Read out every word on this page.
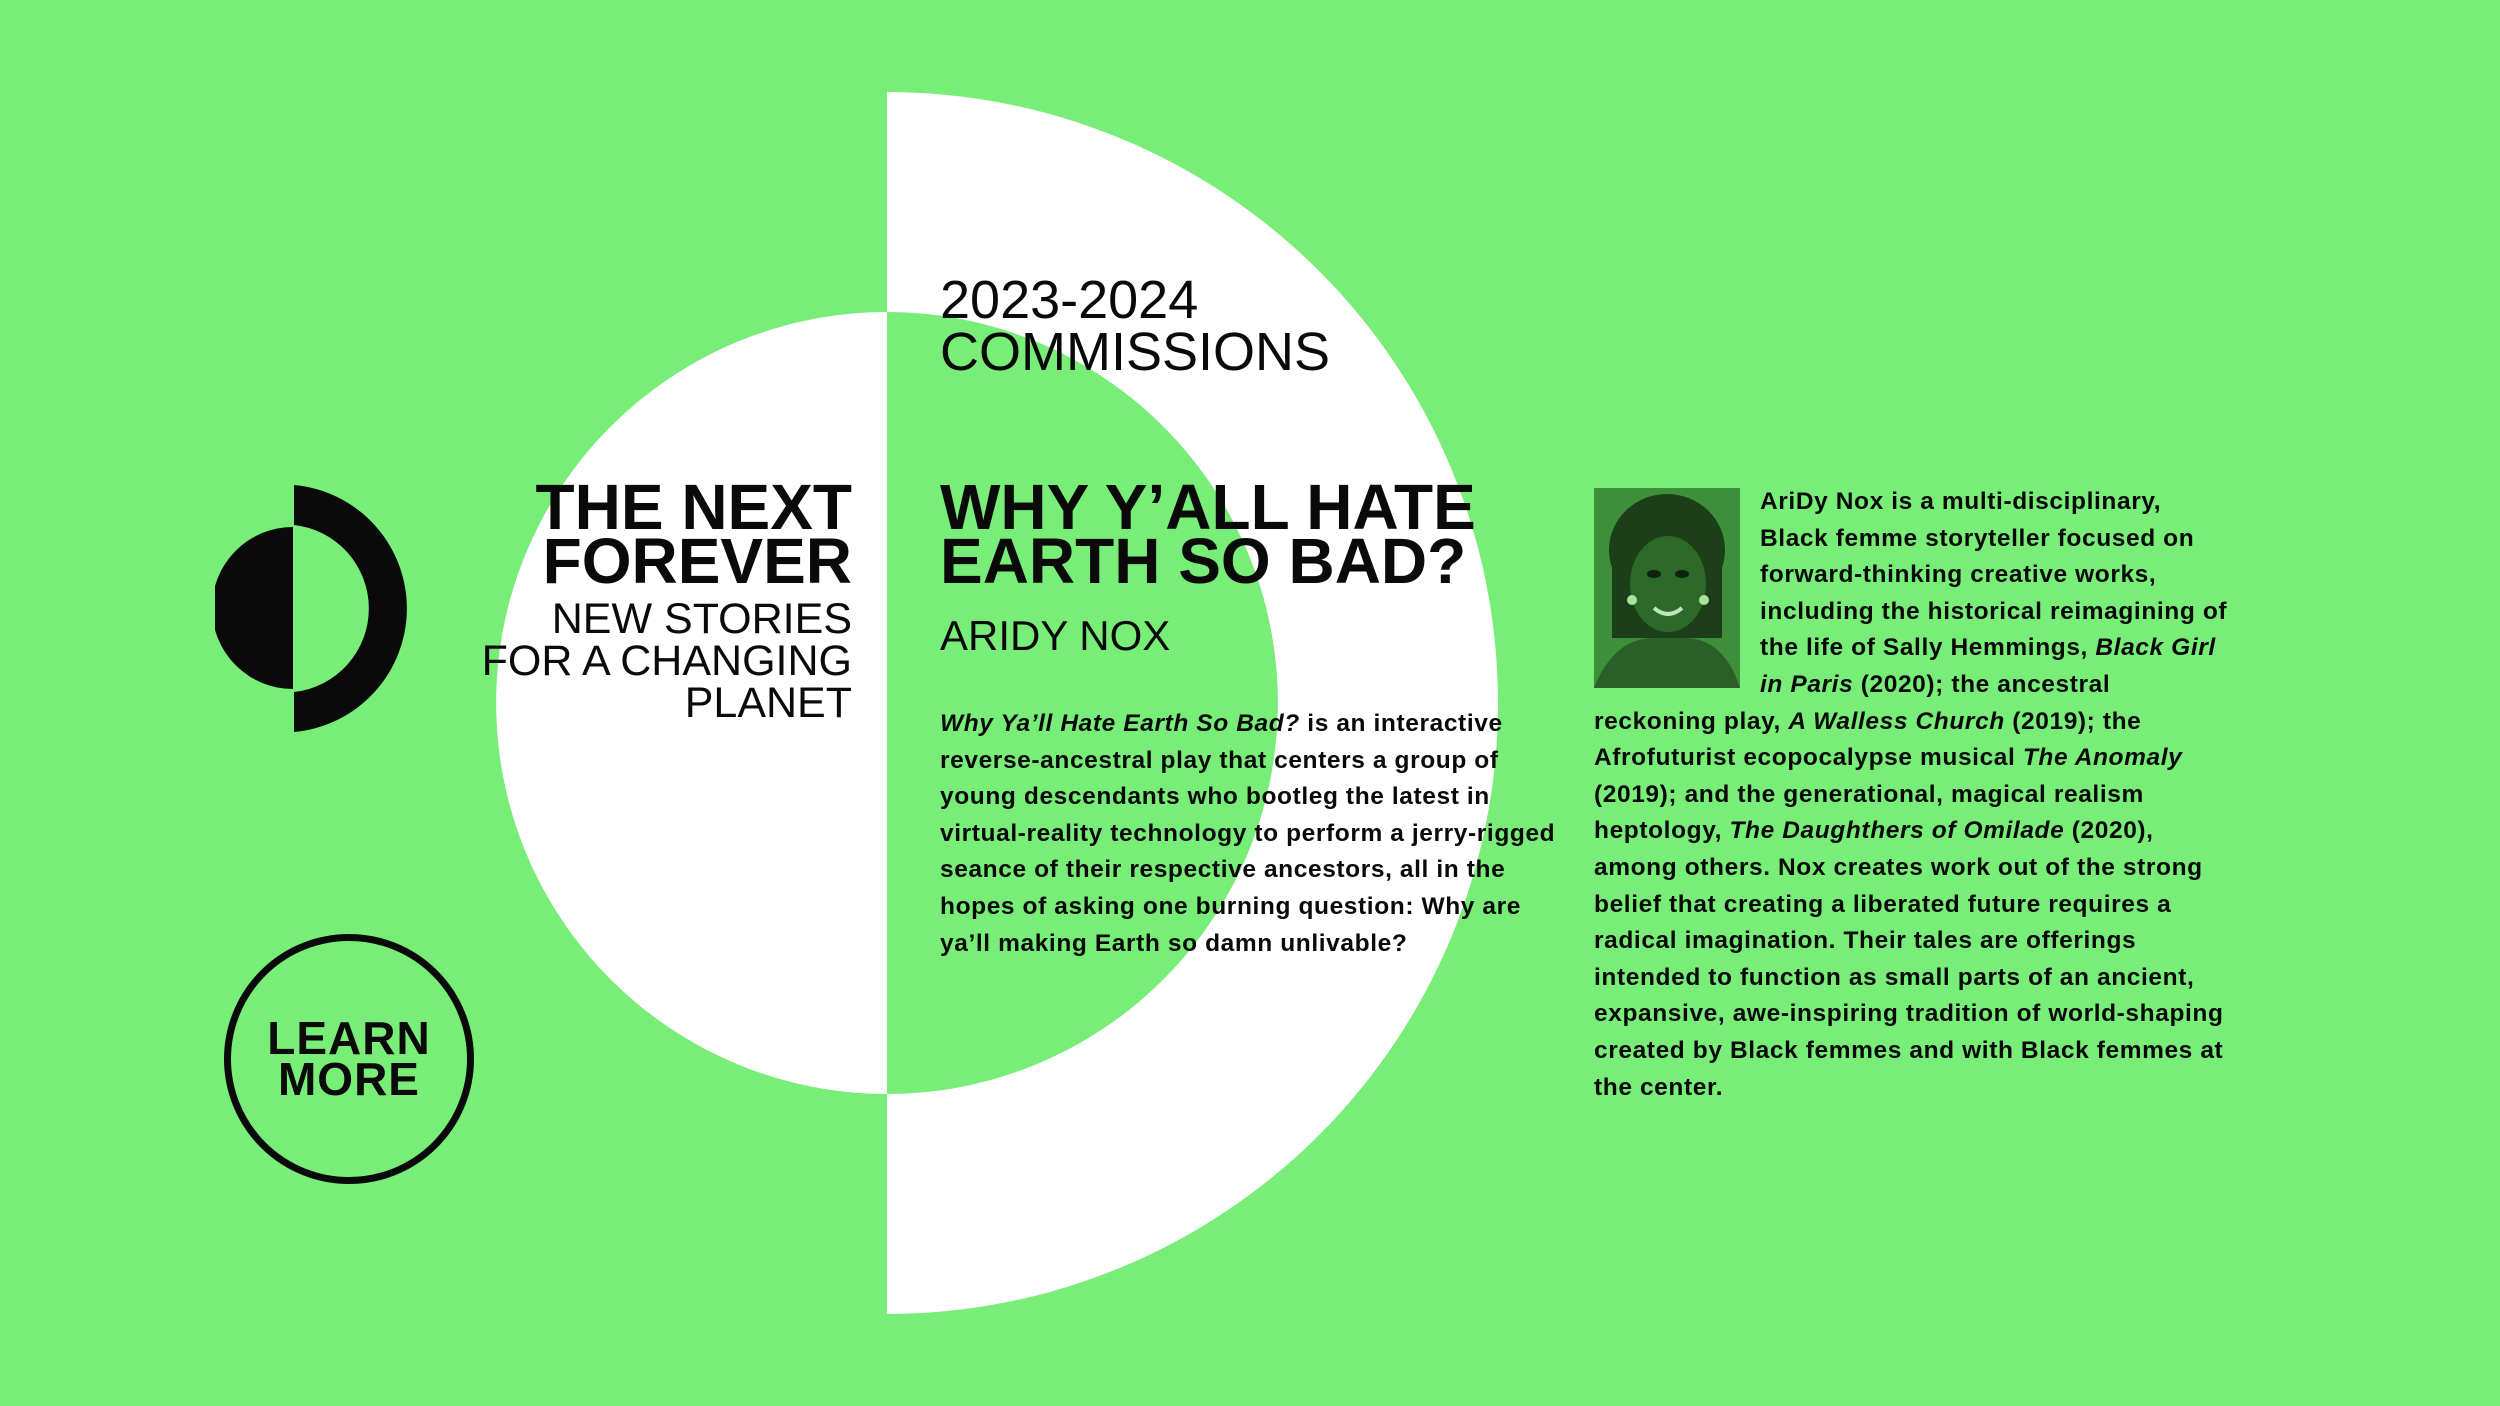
2023-2024
COMMISSIONS
THE NEXT
FOREVER
NEW STORIES
FOR A CHANGING
PLANET
WHY Y’ALL HATE
EARTH SO BAD?
ARIDY NOX
Why Ya’ll Hate Earth So Bad? is an interactive reverse-ancestral play that centers a group of young descendants who bootleg the latest in virtual-reality technology to perform a jerry-rigged seance of their respective ancestors, all in the hopes of asking one burning question: Why are ya’ll making Earth so damn unlivable?
AriDy Nox is a multi-disciplinary, Black femme storyteller focused on forward-thinking creative works, including the historical reimagining of the life of Sally Hemmings, Black Girl in Paris (2020); the ancestral reckoning play, A Walless Church (2019); the Afrofuturist ecopocalypse musical The Anomaly (2019); and the generational, magical realism heptology, The Daughthers of Omilade (2020), among others. Nox creates work out of the strong belief that creating a liberated future requires a radical imagination. Their tales are offerings intended to function as small parts of an ancient, expansive, awe-inspiring tradition of world-shaping created by Black femmes and with Black femmes at the center.
LEARN
MORE
